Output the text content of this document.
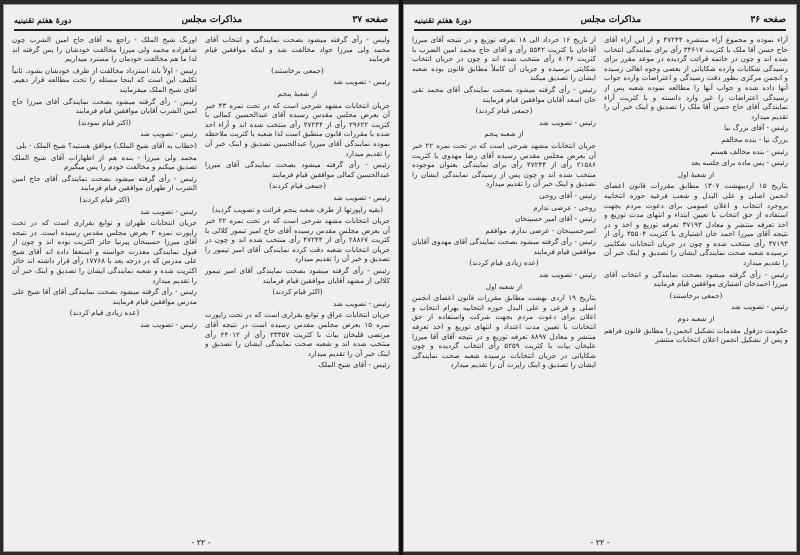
صفحه ۳۷
مذاکرات مجلس
دورهٔ هفتم تقنینیه

وليس - رأی گرفته میشود بصحت نمایندگی و انتخاب آقای محمد ولی میرزا جواد مخالفت شد و اینکه موافقین قیام فرمایند

(جمعی برخاستند)

رئیس - تصویب شد

از شعبهٔ پنجم

جریان انتخابات مشهد شرحی است که در تحت نمره ۴۳ خبر آن بعرض مجلس مقدس رسیده آقای عبدالحسین کمالی با کثریت ۲۹۶۲۲ رأی از ۴۷۲۴۴ رأی منتخب شده اند و آراء اخذ شده با مقررات قانون منطبق است لذا شعبه با کثریت ملاحظه نموده نمایندگی آقای میرزا عبدالحسین تصدیق و اینک خبر آن را تقدیم میدارد

رئیس - رأی گرفته میشود بصحت نمایندگی آقای میرزا عبدالحسین کمالی موافقین قیام فرمایند

(جمعی قیام کردند)

رئیس - تصویب شد

(بقیه راپورتها از طرف شعبه پنجم قرائت و تصویب گردید)

جریان انتخابات مشهد شرحی است که در تحت نمره ۲۲ خبر آن بعرض مجلس مقدس رسیده آقای حاج امیر تیمور کلالی با کثریت ۲۸۸۶۷ رأی از ۴۷۲۴۴ رأی منتخب شده اند و چون در جریان انتخابات شعبه دقت کرده نمایندگی آقای امیر تیمور را تصدیق و خبر آن را تقدیم میدارد

رئیس - رأی گرفته میشود بصحت نمایندگی آقای امیر تیمور کلالی از مشهد آقایان موافقین قیام فرمایند

(اکثر قیام کردند)

رئیس - تصویب شد

جریان انتخابات عراق و توابع بقراری است که در تحت راپورت نمره ۱۵ بعرض مجلس مقدس رسیده است در نتیجه آقای مرتضی قلیخان بیات با کثریت ۲۳۳۵۷ رأی از ۲۴۰۱۲ رأی منتخب شده اند و شعبه صحت نمایندگی ایشان را تصدیق و اینک خبر آن را تقدیم میدارد

رئیس - آقای شیخ الملک

اورنگ شیخ الملک - راجع به آقای حاج امین الشرب چون شاهزاده محمد ولی میرزا مخالفت خودشان را پس گرفته اند لذا ما هم مخالفت خودمان را مسترد میداریم

رئیس - اولاً باید استرداد مخالفت از طرف خودشان بشود. ثانیاً تکلیف این است که اینجا مسئله را تحت مطالعه قرار دهیم. آقای شیخ الملک میفرمایند

رئیس - رأی گرفته میشود بصحت نمایندگی آقای میرزا حاج امین الشرب آقایان موافقین قیام فرمایند

(اکثر قیام نمودند)

رئیس - تصویب شد

(خطاب به آقای شیخ الملک) موافق هستید؟ شیخ الملک - بلی

محمد ولی میرزا - بنده هم از اظهارات آقای شیخ الملک تصدیق میکنم و مخالفت خودم را پس میگیرم

رئیس - رأی گرفته میشود بصحت نمایندگی آقای حاج امین الشرب از طهران موافقین قیام فرمایند

(اکثر قیام کردند)

رئیس - تصویب شد

جریان انتخابات طهران و توابع بقراری است که در تحت راپورت نمره ۲ بعرض مجلس مقدس رسیده است. در نتیجه آقای میرزا حسینخان پیرنیا حائز اکثریت بوده اند و چون از قبول نمایندگی معذرت خواسته و استعفا داده اند آقای شیخ علی مدرس که در درجه بعد با ۱۷۷۶۸ رأی قرار داشته اند حائز اکثریت شده و شعبه نمایندگی ایشان را تصدیق و اینک خبر آن را تقدیم میدارد

رئیس - رأی گرفته میشود بصحت نمایندگی آقای آقا شیخ علی مدرس موافقین قیام فرمایند

(عده زیادی قیام کردند)

رئیس - تصویب شد

- ۲۲ -
صفحه ۳۶
مذاکرات مجلس
دورهٔ هفتم تقنینیه

آراء نموده و مجموع آراء منتشره ۴۷۲۴۴ و از این آراء آقای حاج حسن آقا ملک با کثریت ۳۴۶۱۷ رأی برای نمایندگی انتخاب شده اند و چون در خاتمه قرائت گردیده در موعد مقرر برای رسیدگی شکایات وارده شکایاتی از بعضی وجوه اهالی رسیده و انجمن مرکزی بطور دقت رسیدگی و اعتراضات وارده جواب آنها داده شده و جواب آنها را مطالعه نموده شعبه پس از رسیدگی اعتراضات را غیر وارد دانسته و با کثریت آراء نمایندگی آقای حاج حسن آقا ملک را تصدیق و اینک خبر آن را تقدیم میدارد

رئیس - آقای بزرگ نیا

بزرگ نیا - بنده مخالفم

رئیس - بنده مخالف هستم

رئیس - پس ماده برای جلسه بعد

از شعبهٔ اول

بتاریخ ۱۵ اردیبهشت ۱۳۰۷ مطابق مقررات قانون اعضای انجمن اصلی و علی البدل و شعب فرعیه حوزه انتخابیه بروجرد انتخاب و اعلان عمومی برای دعوت مردم بجهت استفاده از حق انتخاب با تعیین ابتداء و انتهای مدت توزیع و اخذ تعرفه منتشر و معادل ۳۷۱۹۳ تعرفه توزیع و اخذ و در نتیجه آقای میرزا احمد خان اشتیاری با کثریت ۳۵۵۰۴ رأی از ۳۷۱۹۳ رأی منتخب شده و چون در جریان انتخابات شکایتی نرسیده شعبه صحت نمایندگی ایشان را تصدیق و اینک خبر آن را تقدیم میدارد

رئیس - رأی گرفته میشود بصحت نمایندگی و انتخاب آقای میرزا احمدخان اشتیاری موافقین قیام فرمایند

(جمعی برخاستند)

رئیس - تصویب شد

از شعبه دوم

حکومت دزفول مقدمات تشکیل انجمن را مطابق قانون فراهم و پس از تشکیل انجمن اعلان انتخابات منتشر

از تاریخ ۱۶ خرداد الی ۱۸ تعرفه توزیع و در نتیجه آقای میرزا آقاخان با کثریت ۵۵۴۲ رأی و آقای حاج محمد امین الضرب با کثریت ۸۰۳۶ رأی منتخب شده اند و چون در جریان انتخاب شکایتی نرسیده و جریان آن کاملاً مطابق قانون بوده شعبه ایشان را تصدیق میکند

رئیس - رأی گرفته میشود بصحت نمایندگی آقای محمد تقی خان اسعد آقایان موافقین قیام فرمایند

(جمعی قیام کردند)

رئیس - تصویب شد

از شعبه پنجم

جریان انتخابات مشهد شرحی است که در تحت نمره ۲۲ خبر آن بعرض مجلس مقدس رسیده آقای رضا مهدوی با کثریت ۲۱۵۸۶ رأی از ۴۷۲۴۴ رأی برای نمایندگی بعنوان موجوده منتخب شده اند و چون پس از رسیدگی نمایندگی ایشان را تصدیق و اینک خبر آن را تقدیم میدارد

رئیس - آقای روحی

روحی - عرضی ندارم

رئیس - آقای امیر حسینخان

امیرحسینخان - عرضی ندارم. موافقم

رئیس - رأی گرفته میشود بصحت نمایندگی آقای مهدوی آقایان موافقین قیام فرمایند

(عده زیادی قیام کردند)

رئیس - تصویب شد

از شعبه اول

بتاریخ ۱۹ اردی بهشت مطابق مقررات قانون اعضای انجمن اصلی و فرعی و علی البدل حوزه انتخابیه بهرام انتخاب و اعلان برای دعوت مردم بجهت شرکت واستفاده از حق انتخابات با تعیین مدت اعتداد و انتهای توزیع و اخذ تعرفه منتشر و معادل ۸۸۹۷ تعرفه توزیع و در نتیجه آقای آقا میرزا علیخان بیات با کثریت ۵۲۵۹ رأی انتخاب گردیده و چون شکایاتی در جریان انتخابات نرسیده شعبه صحت نمایندگی ایشان را تصدیق و اینک راپرت آن را تقدیم میدارد

- ۲۲ -
